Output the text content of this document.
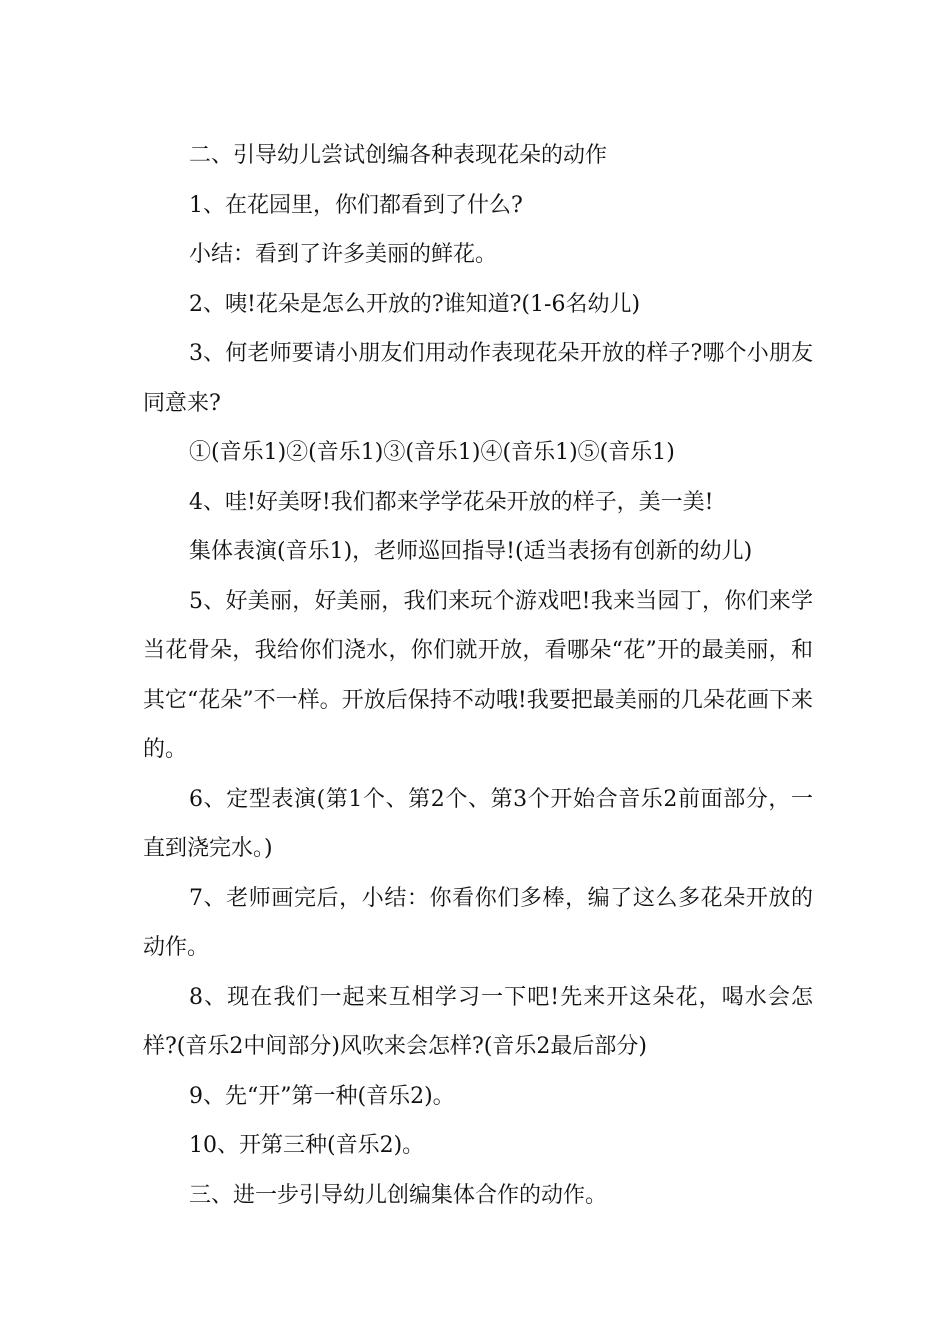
二、引导幼儿尝试创编各种表现花朵的动作

1、在花园里，你们都看到了什么?

小结：看到了许多美丽的鲜花。

2、咦!花朵是怎么开放的?谁知道?(1-6名幼儿)

3、何老师要请小朋友们用动作表现花朵开放的样子?哪个小朋友同意来?

①(音乐1)②(音乐1)③(音乐1)④(音乐1)⑤(音乐1)

4、哇!好美呀!我们都来学学花朵开放的样子，美一美!

集体表演(音乐1)，老师巡回指导!(适当表扬有创新的幼儿)

5、好美丽，好美丽，我们来玩个游戏吧!我来当园丁，你们来学当花骨朵，我给你们浇水，你们就开放，看哪朵“花”开的最美丽，和其它“花朵”不一样。开放后保持不动哦!我要把最美丽的几朵花画下来的。

6、定型表演(第1个、第2个、第3个开始合音乐2前面部分，一直到浇完水。)

7、老师画完后，小结：你看你们多棒，编了这么多花朵开放的动作。

8、现在我们一起来互相学习一下吧!先来开这朵花，喝水会怎样?(音乐2中间部分)风吹来会怎样?(音乐2最后部分)

9、先“开”第一种(音乐2)。

10、开第三种(音乐2)。

三、进一步引导幼儿创编集体合作的动作。
